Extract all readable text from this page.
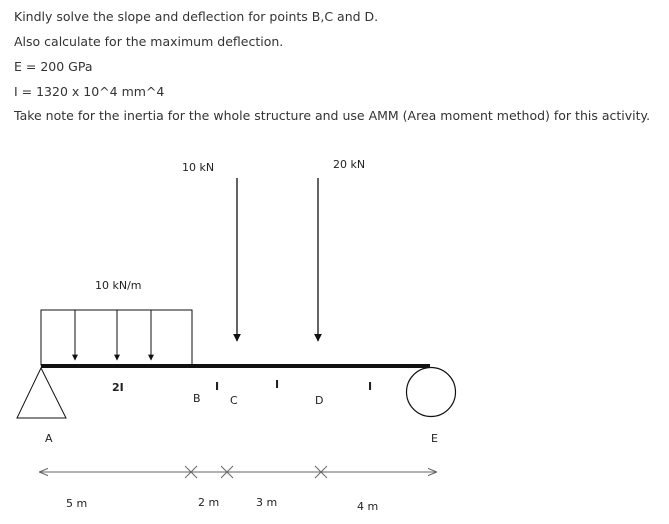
Kindly solve the slope and deflection for points B,C and D.
Also calculate for the maximum deflection.
E = 200 GPa
I = 1320 x 10^4 mm^4
Take note for the inertia for the whole structure and use AMM (Area moment method) for this activity.
10 kN	20 kN
10 kN/m
2I	I	I	I
A
B	C	D
E
5 m	2 m	3 m	4 m
